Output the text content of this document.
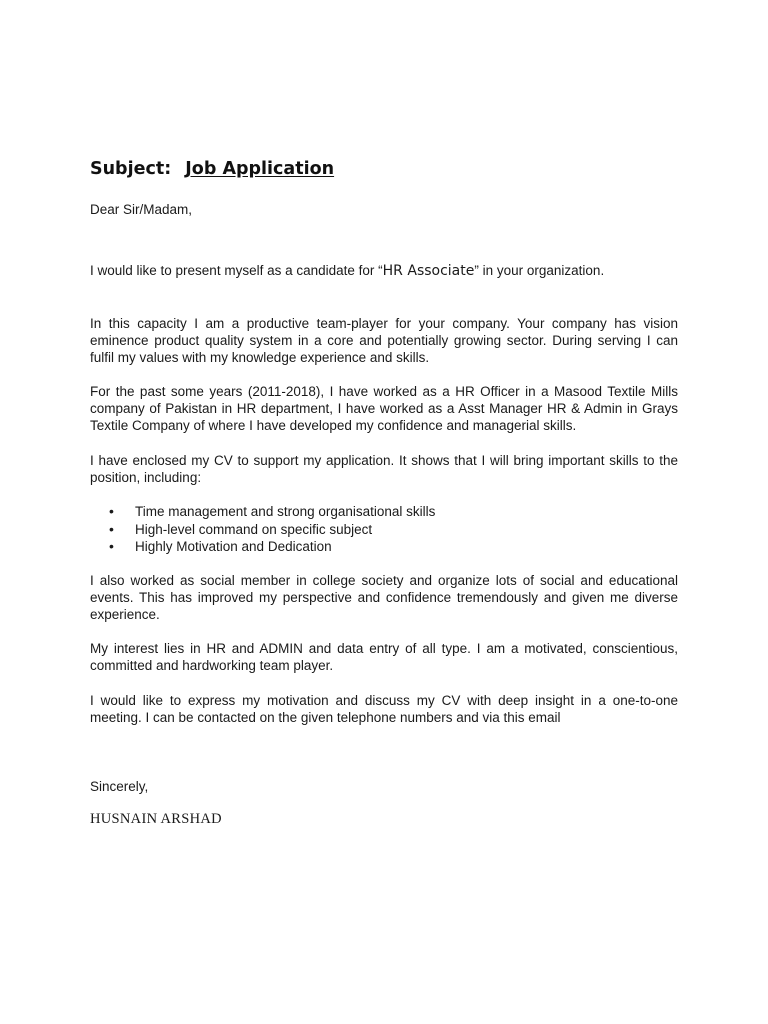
Subject: Job Application
Dear Sir/Madam,
I would like to present myself as a candidate for “HR Associate” in your organization.
In this capacity I am a productive team-player for your company. Your company has vision eminence product quality system in a core and potentially growing sector. During serving I can fulfil my values with my knowledge experience and skills.
For the past some years (2011-2018), I have worked as a HR Officer in a Masood Textile Mills company of Pakistan in HR department, I have worked as a Asst Manager HR & Admin in Grays Textile Company of where I have developed my confidence and managerial skills.
I have enclosed my CV to support my application. It shows that I will bring important skills to the position, including:
• Time management and strong organisational skills
• High-level command on specific subject
• Highly Motivation and Dedication
I also worked as social member in college society and organize lots of social and educational events. This has improved my perspective and confidence tremendously and given me diverse experience.
My interest lies in HR and ADMIN and data entry of all type. I am a motivated, conscientious, committed and hardworking team player.
I would like to express my motivation and discuss my CV with deep insight in a one-to-one meeting. I can be contacted on the given telephone numbers and via this email
Sincerely,
HUSNAIN ARSHAD
